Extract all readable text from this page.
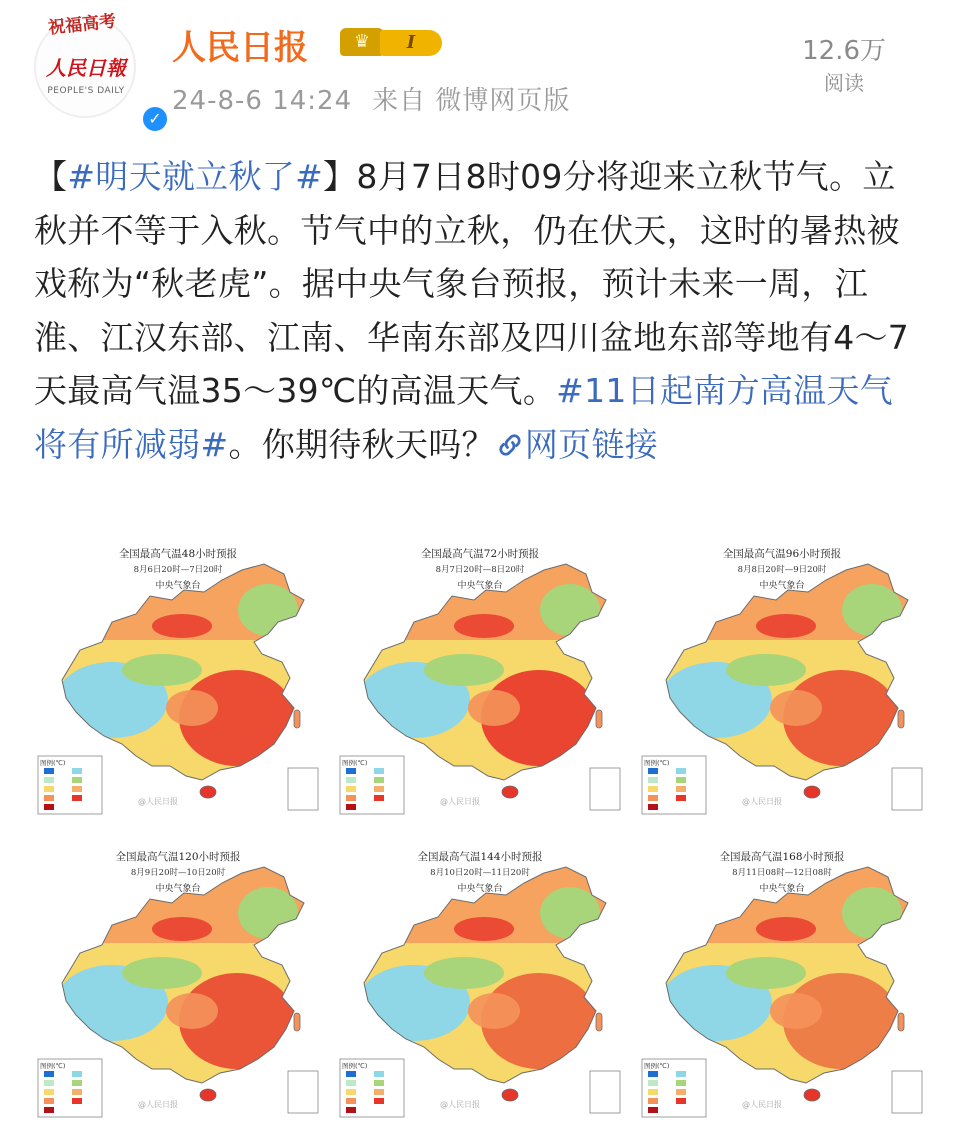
祝福高考
人民日報
PEOPLE'S DAILY
✓
人民日报	♛	I
24-8-6 14:24 来自 微博网页版
12.6万
阅读
【#明天就立秋了#】8月7日8时09分将迎来立秋节气。立秋并不等于入秋。节气中的立秋，仍在伏天，这时的暑热被戏称为“秋老虎”。据中央气象台预报，预计未来一周，江淮、江汉东部、江南、华南东部及四川盆地东部等地有4～7天最高气温35～39℃的高温天气。#11日起南方高温天气将有所减弱#。你期待秋天吗？ 网页链接
全国最高气温48小时预报
8月6日20时—7日20时
中央气象台
图例(℃)
@人民日报
全国最高气温72小时预报
8月7日20时—8日20时
中央气象台
图例(℃)
@人民日报
全国最高气温96小时预报
8月8日20时—9日20时
中央气象台
图例(℃)
@人民日报
全国最高气温120小时预报
8月9日20时—10日20时
中央气象台
图例(℃)
@人民日报
全国最高气温144小时预报
8月10日20时—11日20时
中央气象台
图例(℃)
@人民日报
全国最高气温168小时预报
8月11日08时—12日08时
中央气象台
图例(℃)
@人民日报
